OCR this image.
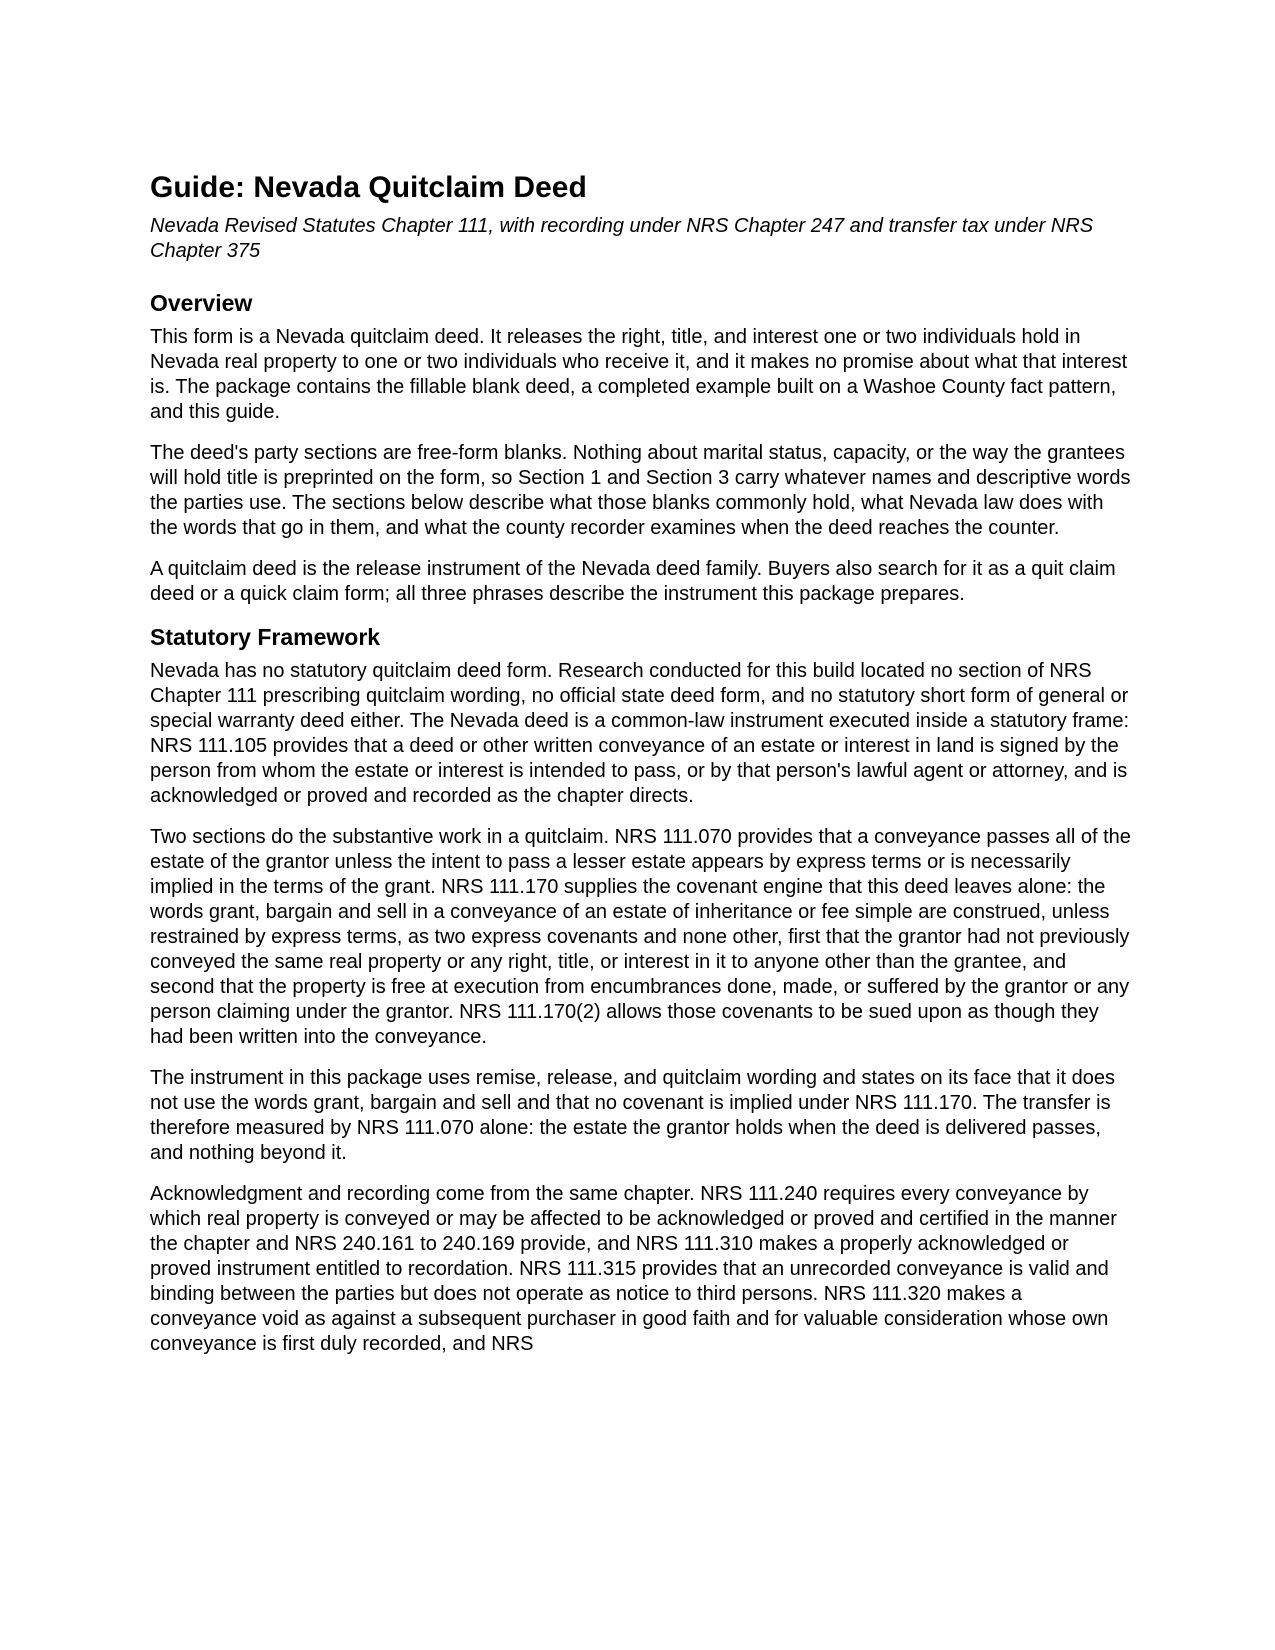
Guide: Nevada Quitclaim Deed

Nevada Revised Statutes Chapter 111, with recording under NRS Chapter 247 and transfer tax under NRS Chapter 375

Overview

This form is a Nevada quitclaim deed. It releases the right, title, and interest one or two individuals hold in Nevada real property to one or two individuals who receive it, and it makes no promise about what that interest is. The package contains the fillable blank deed, a completed example built on a Washoe County fact pattern, and this guide.

The deed's party sections are free-form blanks. Nothing about marital status, capacity, or the way the grantees will hold title is preprinted on the form, so Section 1 and Section 3 carry whatever names and descriptive words the parties use. The sections below describe what those blanks commonly hold, what Nevada law does with the words that go in them, and what the county recorder examines when the deed reaches the counter.

A quitclaim deed is the release instrument of the Nevada deed family. Buyers also search for it as a quit claim deed or a quick claim form; all three phrases describe the instrument this package prepares.

Statutory Framework

Nevada has no statutory quitclaim deed form. Research conducted for this build located no section of NRS Chapter 111 prescribing quitclaim wording, no official state deed form, and no statutory short form of general or special warranty deed either. The Nevada deed is a common-law instrument executed inside a statutory frame: NRS 111.105 provides that a deed or other written conveyance of an estate or interest in land is signed by the person from whom the estate or interest is intended to pass, or by that person's lawful agent or attorney, and is acknowledged or proved and recorded as the chapter directs.

Two sections do the substantive work in a quitclaim. NRS 111.070 provides that a conveyance passes all of the estate of the grantor unless the intent to pass a lesser estate appears by express terms or is necessarily implied in the terms of the grant. NRS 111.170 supplies the covenant engine that this deed leaves alone: the words grant, bargain and sell in a conveyance of an estate of inheritance or fee simple are construed, unless restrained by express terms, as two express covenants and none other, first that the grantor had not previously conveyed the same real property or any right, title, or interest in it to anyone other than the grantee, and second that the property is free at execution from encumbrances done, made, or suffered by the grantor or any person claiming under the grantor. NRS 111.170(2) allows those covenants to be sued upon as though they had been written into the conveyance.

The instrument in this package uses remise, release, and quitclaim wording and states on its face that it does not use the words grant, bargain and sell and that no covenant is implied under NRS 111.170. The transfer is therefore measured by NRS 111.070 alone: the estate the grantor holds when the deed is delivered passes, and nothing beyond it.

Acknowledgment and recording come from the same chapter. NRS 111.240 requires every conveyance by which real property is conveyed or may be affected to be acknowledged or proved and certified in the manner the chapter and NRS 240.161 to 240.169 provide, and NRS 111.310 makes a properly acknowledged or proved instrument entitled to recordation. NRS 111.315 provides that an unrecorded conveyance is valid and binding between the parties but does not operate as notice to third persons. NRS 111.320 makes a conveyance void as against a subsequent purchaser in good faith and for valuable consideration whose own conveyance is first duly recorded, and NRS
